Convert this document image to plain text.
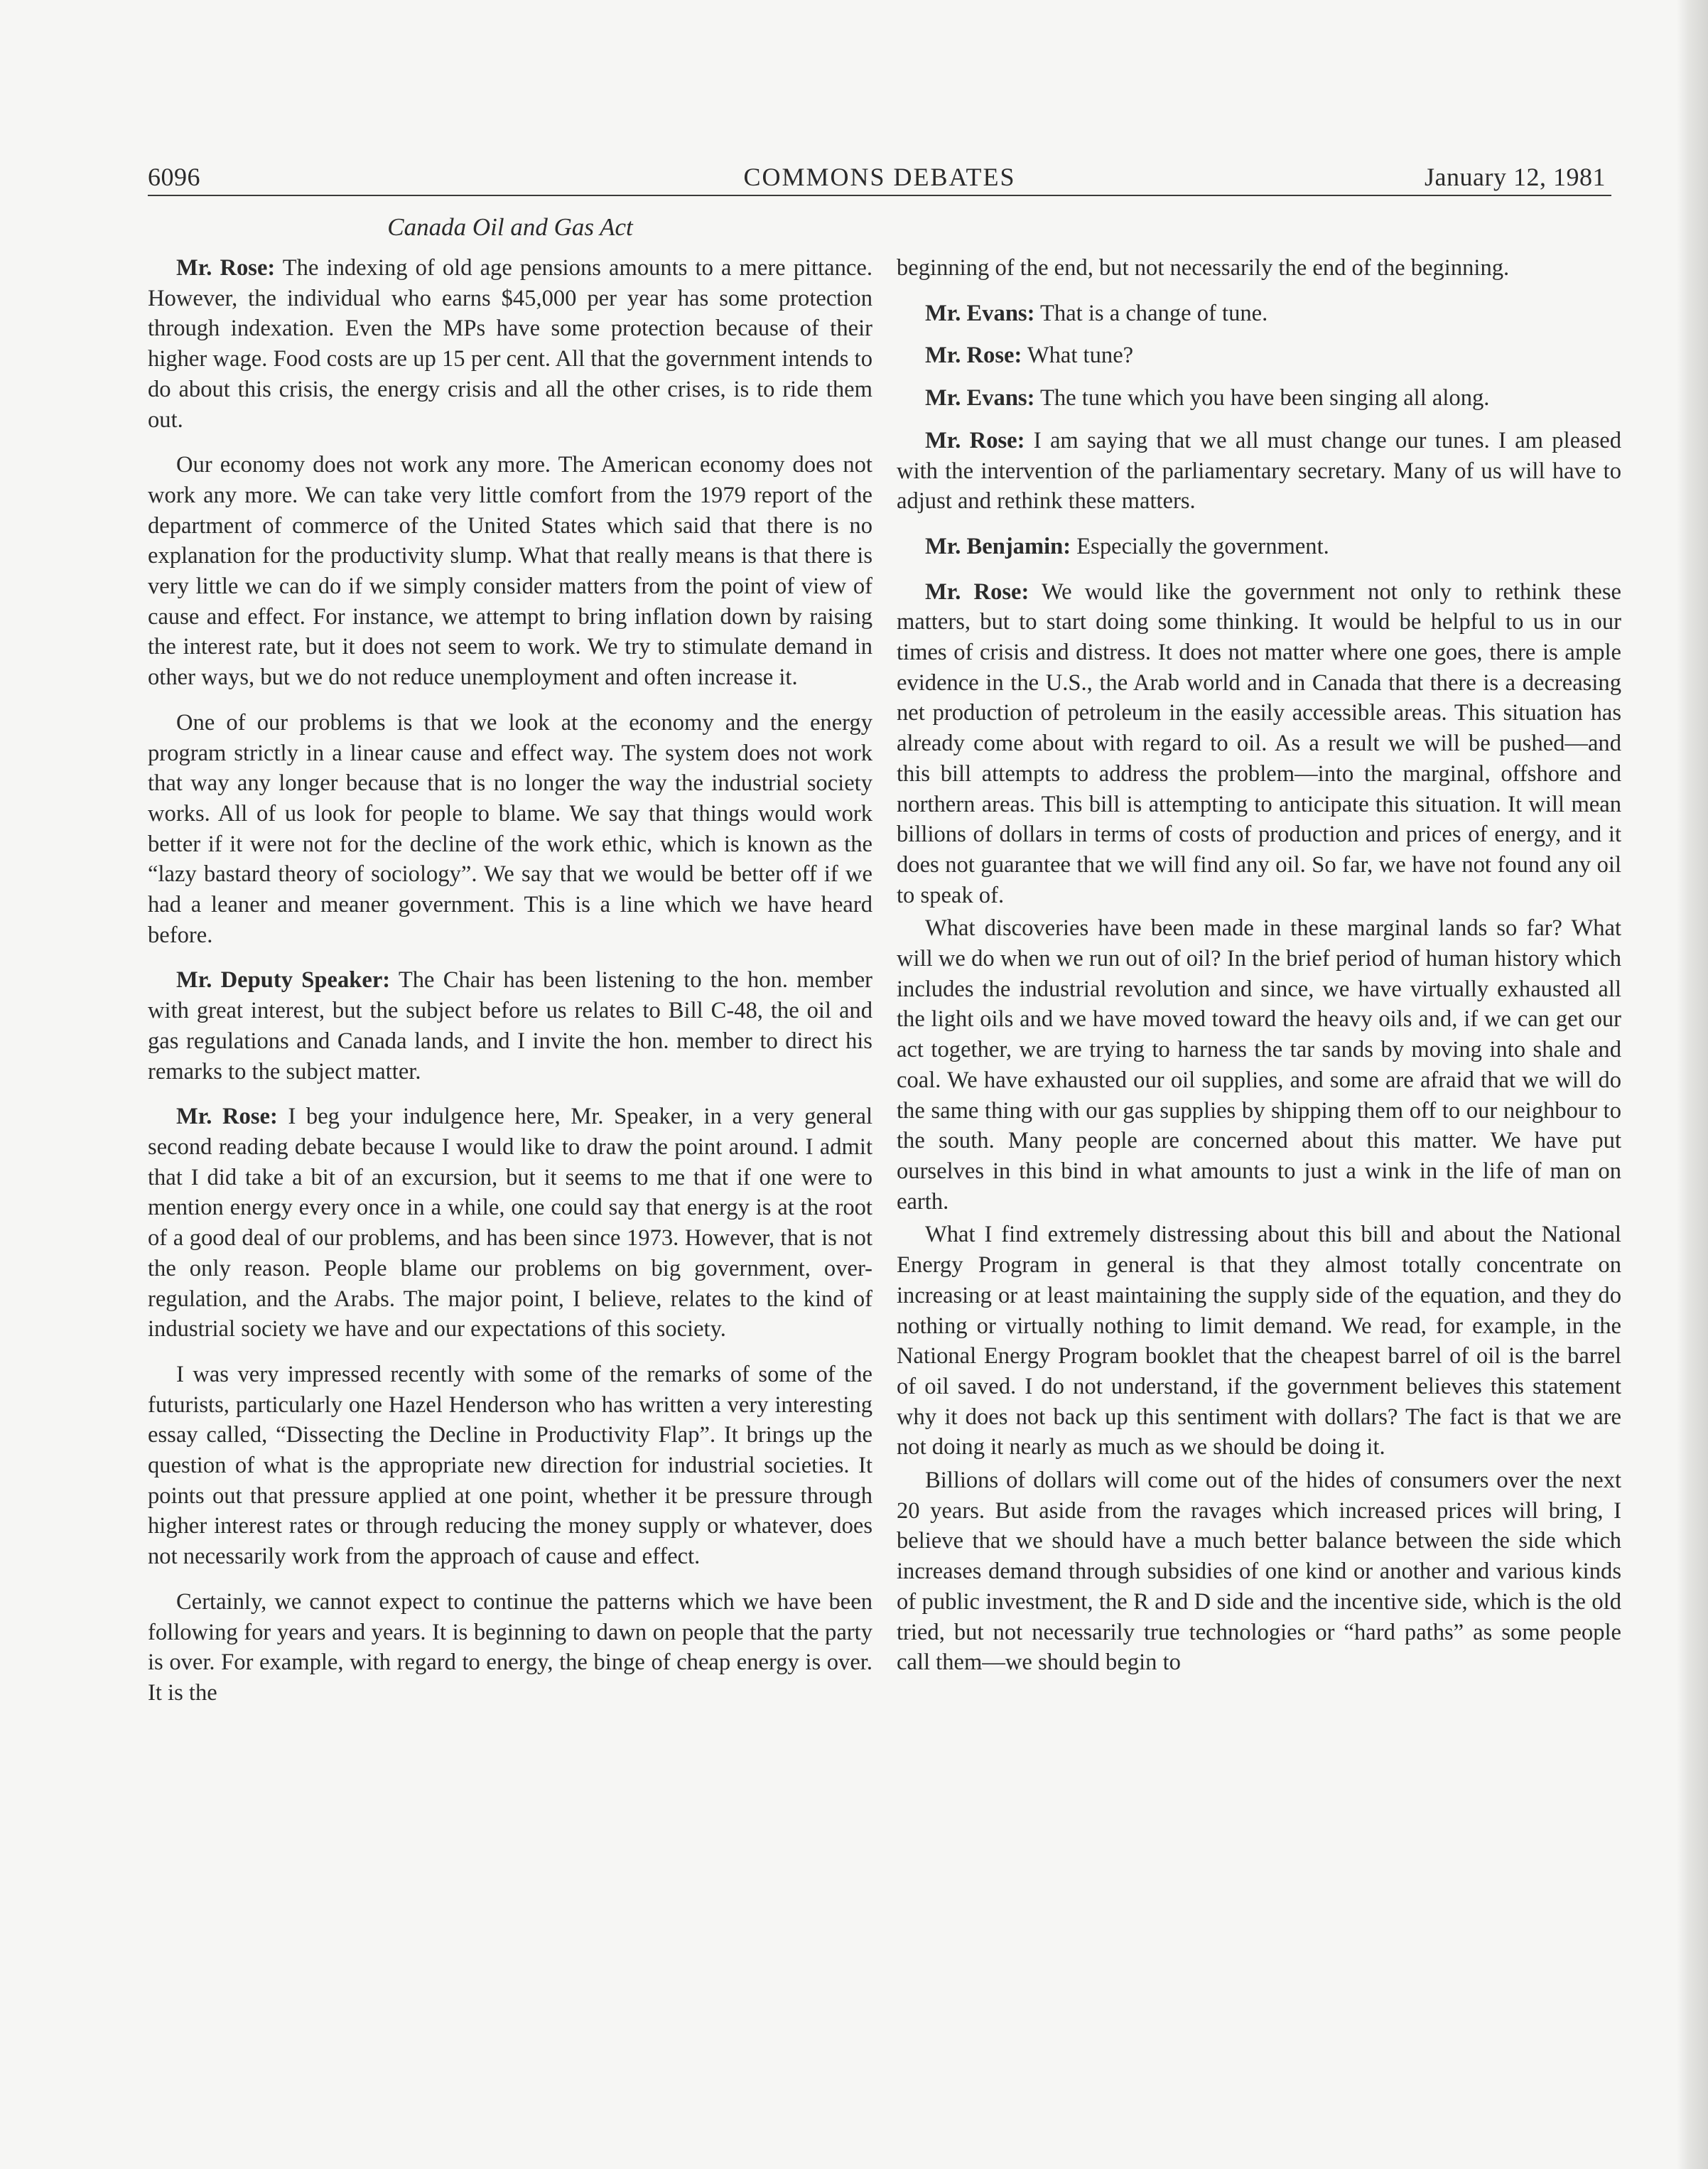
6096	COMMONS DEBATES	January 12, 1981
Canada Oil and Gas Act

Mr. Rose: The indexing of old age pensions amounts to a mere pittance. However, the individual who earns $45,000 per year has some protection through indexation. Even the MPs have some protection because of their higher wage. Food costs are up 15 per cent. All that the government intends to do about this crisis, the energy crisis and all the other crises, is to ride them out.

Our economy does not work any more. The American economy does not work any more. We can take very little comfort from the 1979 report of the department of commerce of the United States which said that there is no explanation for the productivity slump. What that really means is that there is very little we can do if we simply consider matters from the point of view of cause and effect. For instance, we attempt to bring inflation down by raising the interest rate, but it does not seem to work. We try to stimulate demand in other ways, but we do not reduce unemployment and often increase it.

One of our problems is that we look at the economy and the energy program strictly in a linear cause and effect way. The system does not work that way any longer because that is no longer the way the industrial society works. All of us look for people to blame. We say that things would work better if it were not for the decline of the work ethic, which is known as the “lazy bastard theory of sociology”. We say that we would be better off if we had a leaner and meaner government. This is a line which we have heard before.

Mr. Deputy Speaker: The Chair has been listening to the hon. member with great interest, but the subject before us relates to Bill C-48, the oil and gas regulations and Canada lands, and I invite the hon. member to direct his remarks to the subject matter.

Mr. Rose: I beg your indulgence here, Mr. Speaker, in a very general second reading debate because I would like to draw the point around. I admit that I did take a bit of an excursion, but it seems to me that if one were to mention energy every once in a while, one could say that energy is at the root of a good deal of our problems, and has been since 1973. However, that is not the only reason. People blame our problems on big government, over-regulation, and the Arabs. The major point, I believe, relates to the kind of industrial society we have and our expectations of this society.

I was very impressed recently with some of the remarks of some of the futurists, particularly one Hazel Henderson who has written a very interesting essay called, “Dissecting the Decline in Productivity Flap”. It brings up the question of what is the appropriate new direction for industrial societies. It points out that pressure applied at one point, whether it be pressure through higher interest rates or through reducing the money supply or whatever, does not necessarily work from the approach of cause and effect.

Certainly, we cannot expect to continue the patterns which we have been following for years and years. It is beginning to dawn on people that the party is over. For example, with regard to energy, the binge of cheap energy is over. It is the

beginning of the end, but not necessarily the end of the beginning.

Mr. Evans: That is a change of tune.

Mr. Rose: What tune?

Mr. Evans: The tune which you have been singing all along.

Mr. Rose: I am saying that we all must change our tunes. I am pleased with the intervention of the parliamentary secretary. Many of us will have to adjust and rethink these matters.

Mr. Benjamin: Especially the government.

Mr. Rose: We would like the government not only to rethink these matters, but to start doing some thinking. It would be helpful to us in our times of crisis and distress. It does not matter where one goes, there is ample evidence in the U.S., the Arab world and in Canada that there is a decreasing net production of petroleum in the easily accessible areas. This situation has already come about with regard to oil. As a result we will be pushed—and this bill attempts to address the problem—into the marginal, offshore and northern areas. This bill is attempting to anticipate this situation. It will mean billions of dollars in terms of costs of production and prices of energy, and it does not guarantee that we will find any oil. So far, we have not found any oil to speak of.

What discoveries have been made in these marginal lands so far? What will we do when we run out of oil? In the brief period of human history which includes the industrial revolution and since, we have virtually exhausted all the light oils and we have moved toward the heavy oils and, if we can get our act together, we are trying to harness the tar sands by moving into shale and coal. We have exhausted our oil supplies, and some are afraid that we will do the same thing with our gas supplies by shipping them off to our neighbour to the south. Many people are concerned about this matter. We have put ourselves in this bind in what amounts to just a wink in the life of man on earth.

What I find extremely distressing about this bill and about the National Energy Program in general is that they almost totally concentrate on increasing or at least maintaining the supply side of the equation, and they do nothing or virtually nothing to limit demand. We read, for example, in the National Energy Program booklet that the cheapest barrel of oil is the barrel of oil saved. I do not understand, if the government believes this statement why it does not back up this sentiment with dollars? The fact is that we are not doing it nearly as much as we should be doing it.

Billions of dollars will come out of the hides of consumers over the next 20 years. But aside from the ravages which increased prices will bring, I believe that we should have a much better balance between the side which increases demand through subsidies of one kind or another and various kinds of public investment, the R and D side and the incentive side, which is the old tried, but not necessarily true technologies or “hard paths” as some people call them—we should begin to
